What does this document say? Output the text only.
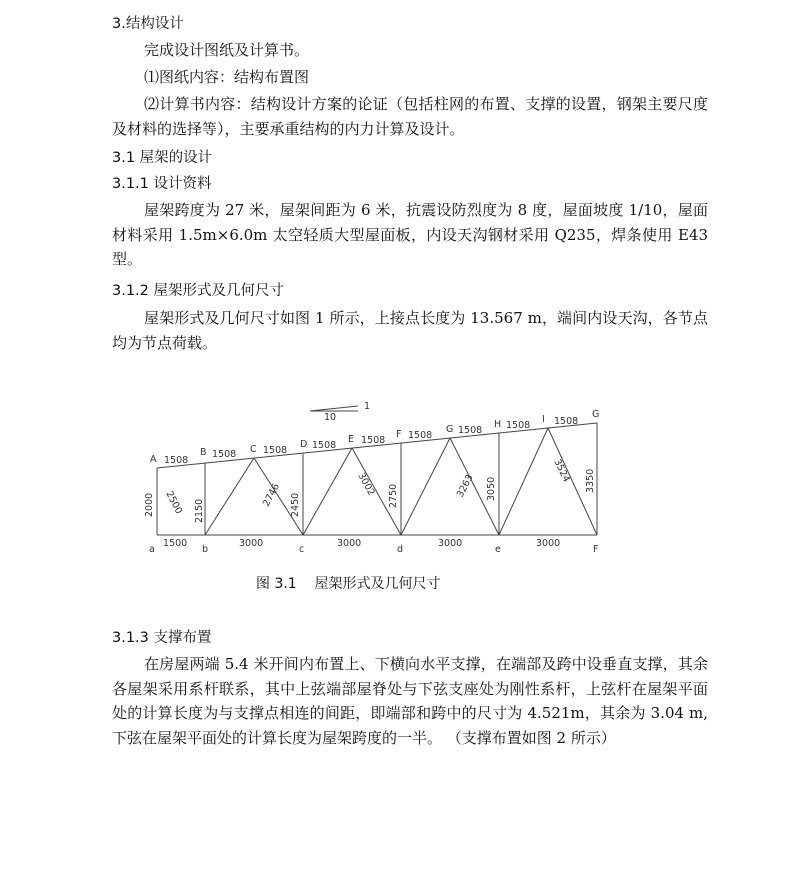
3.结构设计
完成设计图纸及计算书。
⑴图纸内容：结构布置图
⑵计算书内容：结构设计方案的论证（包括柱网的布置、支撑的设置，钢架主要尺度及材料的选择等），主要承重结构的内力计算及设计。
3.1 屋架的设计
3.1.1 设计资料
屋架跨度为 27 米，屋架间距为 6 米，抗震设防烈度为 8 度，屋面坡度 1/10，屋面材料采用 1.5m×6.0m 太空轻质大型屋面板，内设天沟钢材采用 Q235，焊条使用 E43 型。
3.1.2 屋架形式及几何尺寸
屋架形式及几何尺寸如图 1 所示，上接点长度为 13.567 m，端间内设天沟，各节点均为节点荷载。
10
1
A
B	C	D	E	F	G	H	I	G
1508
1508	1508	1508	1508 1508	1508	1508	1508
a	b	c	d	e	F
1500	3000	3000	3000	3000
2000	2150	2450	2750	3050	3350
2500	2746	3002	3263
3524
图 3.1    屋架形式及几何尺寸
3.1.3 支撑布置
在房屋两端 5.4 米开间内布置上、下横向水平支撑，在端部及跨中设垂直支撑，其余各屋架采用系杆联系，其中上弦端部屋脊处与下弦支座处为刚性系杆，上弦杆在屋架平面处的计算长度为与支撑点相连的间距，即端部和跨中的尺寸为 4.521m，其余为 3.04 m,下弦在屋架平面处的计算长度为屋架跨度的一半。 （支撑布置如图 2 所示）
